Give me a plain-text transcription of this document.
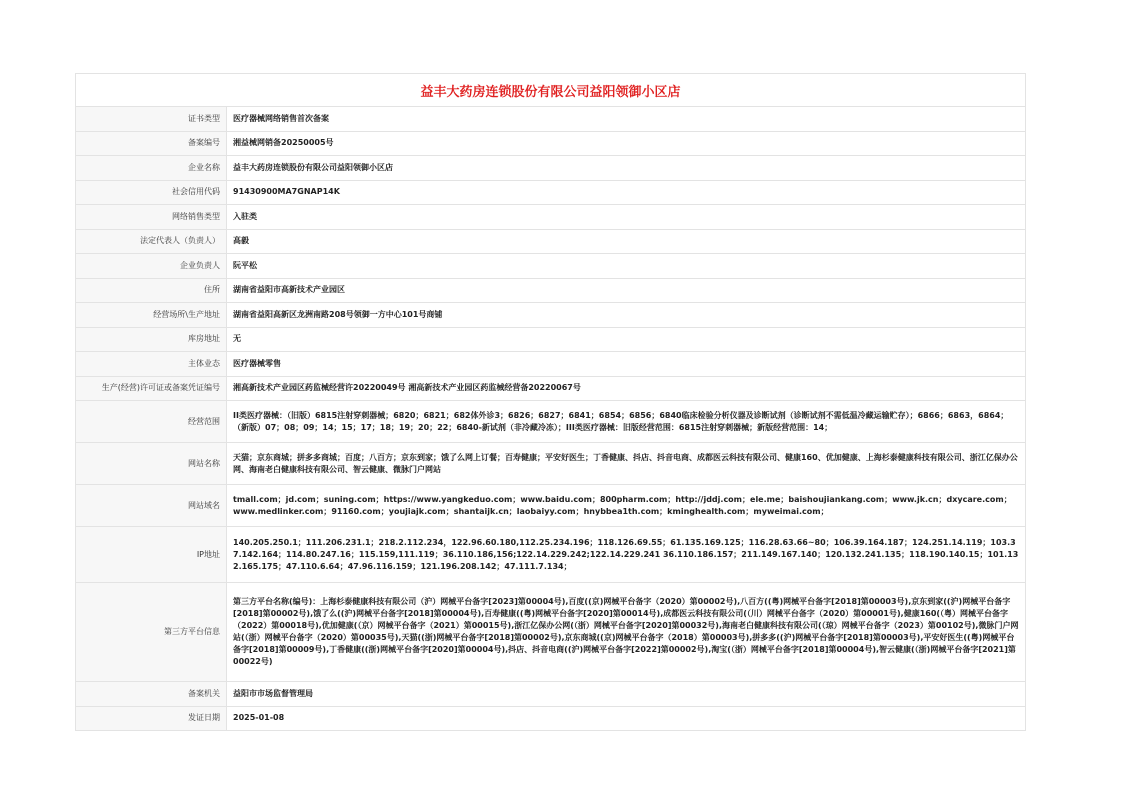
益丰大药房连锁股份有限公司益阳领御小区店
证书类型	医疗器械网络销售首次备案
备案编号	湘益械网销备20250005号
企业名称	益丰大药房连锁股份有限公司益阳领御小区店
社会信用代码	91430900MA7GNAP14K
网络销售类型	入驻类
法定代表人（负责人）	高毅
企业负责人	阮平松
住所	湖南省益阳市高新技术产业园区
经营场所\生产地址	湖南省益阳高新区龙洲南路208号领御一方中心101号商铺
库房地址	无
主体业态	医疗器械零售
生产(经营)许可证或备案凭证编号	湘高新技术产业园区药监械经营许20220049号 湘高新技术产业园区药监械经营备20220067号
经营范围	II类医疗器械：（旧版）6815注射穿刺器械；6820；6821；682体外诊3；6826；6827；6841；6854；6856；6840临床检验分析仪器及诊断试剂（诊断试剂不需低温冷藏运输贮存）；6866；6863，6864；（新版）07；08；09；14；15；17；18；19；20；22；6840-新试剂（非冷藏冷冻）；III类医疗器械：旧版经营范围：6815注射穿刺器械；新版经营范围：14；
网站名称	天猫；京东商城；拼多多商城；百度；八百方；京东到家；饿了么网上订餐；百寿健康；平安好医生；丁香健康、抖店、抖音电商、成都医云科技有限公司、健康160、优加健康、上海杉泰健康科技有限公司、浙江亿保办公网、海南老白健康科技有限公司、智云健康、微脉门户网站
网站域名	tmall.com；jd.com；suning.com；https://www.yangkeduo.com；www.baidu.com；800pharm.com；http://jddj.com；ele.me；baishoujiankang.com；www.jk.cn；dxycare.com；www.medlinker.com；91160.com；youjiajk.com；shantaijk.cn；laobaiyy.com；hnybbea1th.com；kminghealth.com；myweimai.com；
IP地址	140.205.250.1；111.206.231.1；218.2.112.234，122.96.60.180,112.25.234.196；118.126.69.55；61.135.169.125；116.28.63.66~80；106.39.164.187；124.251.14.119；103.37.142.164；114.80.247.16；115.159,111.119；36.110.186,156;122.14.229.242;122.14.229.241 36.110.186.157；211.149.167.140；120.132.241.135；118.190.140.15；101.132.165.175；47.110.6.64；47.96.116.159；121.196.208.142；47.111.7.134；
第三方平台信息	第三方平台名称(编号)：上海杉泰健康科技有限公司（沪）网械平台备字[2023]第00004号),百度((京)网械平台备字（2020）第00002号),八百方((粤)网械平台备字[2018]第00003号),京东到家((沪)网械平台备字[2018]第00002号),饿了么((沪)网械平台备字[2018]第00004号),百寿健康((粤)网械平台备字[2020]第00014号),成都医云科技有限公司(（川）网械平台备字（2020）第00001号),健康160(（粤）网械平台备字（2022）第00018号),优加健康(（京）网械平台备字（2021）第00015号),浙江亿保办公网(（浙）网械平台备字[2020]第00032号),海南老白健康科技有限公司(（琼）网械平台备字（2023）第00102号),微脉门户网站(（浙）网械平台备字（2020）第00035号),天猫((浙)网械平台备字[2018]第00002号),京东商城((京)网械平台备字（2018）第00003号),拼多多((沪)网械平台备字[2018]第00003号),平安好医生((粤)网械平台备字[2018]第00009号),丁香健康((浙)网械平台备字[2020]第00004号),抖店、抖音电商((沪)网械平台备字[2022]第00002号),淘宝(（浙）网械平台备字[2018]第00004号),智云健康(（浙)网械平台备字[2021]第00022号)
备案机关	益阳市市场监督管理局
发证日期	2025-01-08
